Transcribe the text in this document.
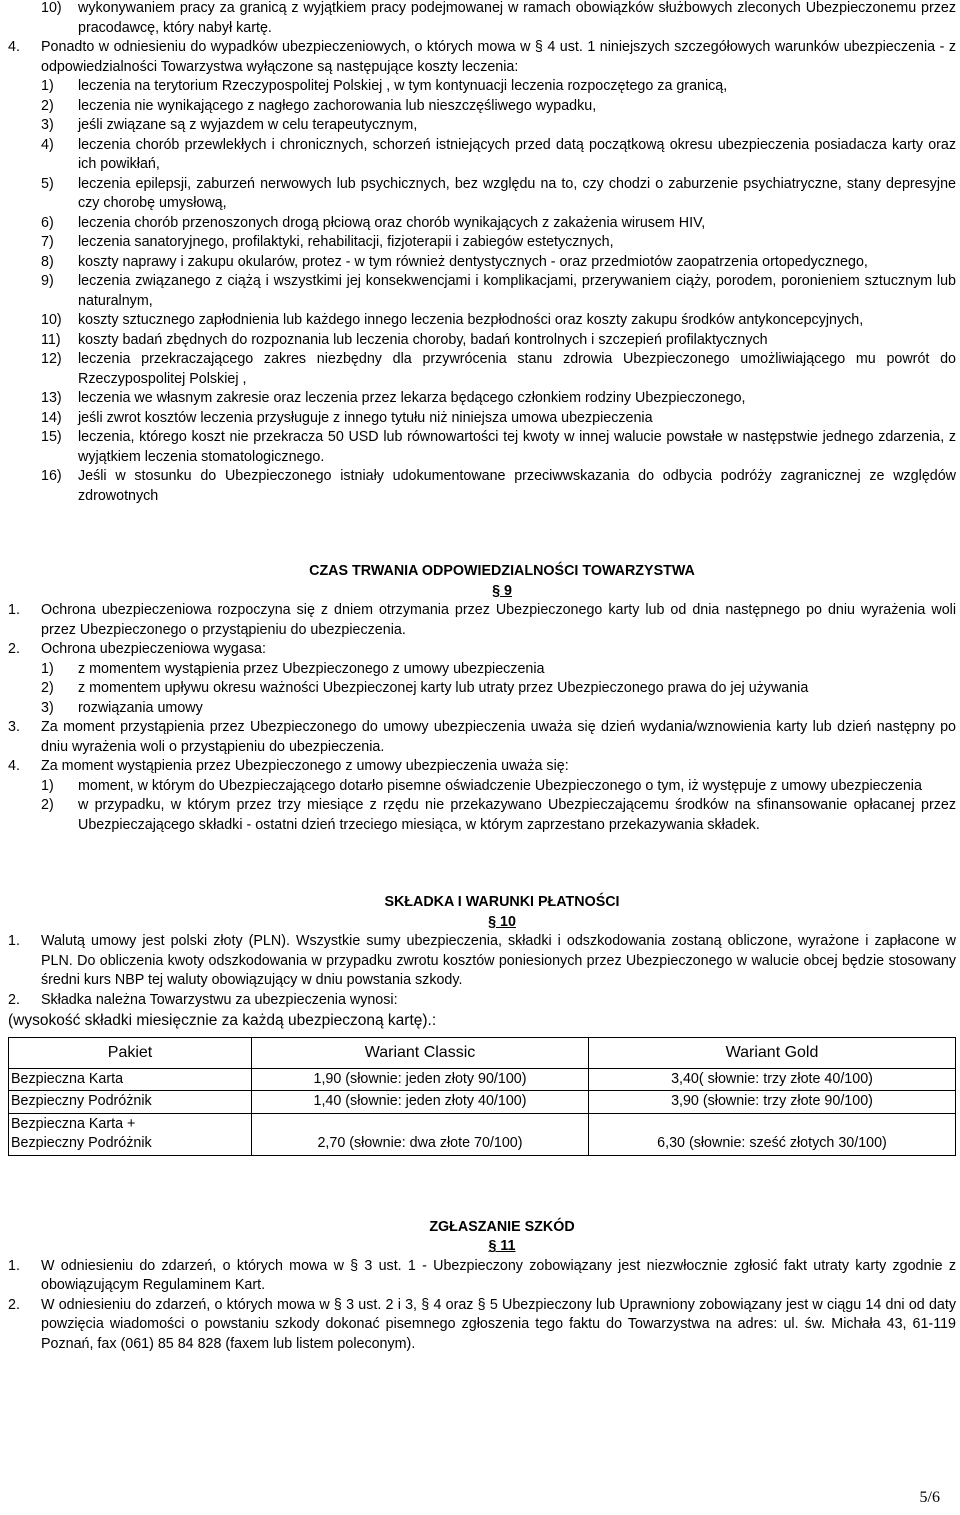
10) wykonywaniem pracy za granicą z wyjątkiem pracy podejmowanej w ramach obowiązków służbowych zleconych Ubezpieczonemu przez pracodawcę, który nabył kartę.
4. Ponadto w odniesieniu do wypadków ubezpieczeniowych, o których mowa w § 4 ust. 1 niniejszych szczegółowych warunków ubezpieczenia - z odpowiedzialności Towarzystwa wyłączone są następujące koszty leczenia:
1) leczenia na terytorium Rzeczypospolitej Polskiej , w tym kontynuacji leczenia rozpoczętego za granicą,
2) leczenia nie wynikającego z nagłego zachorowania lub nieszczęśliwego wypadku,
3) jeśli związane są z wyjazdem w celu terapeutycznym,
4) leczenia chorób przewlekłych i chronicznych, schorzeń istniejących przed datą początkową okresu ubezpieczenia posiadacza karty oraz ich powikłań,
5) leczenia epilepsji, zaburzeń nerwowych lub psychicznych, bez względu na to, czy chodzi o zaburzenie psychiatryczne, stany depresyjne czy chorobę umysłową,
6) leczenia chorób przenoszonych drogą płciową oraz chorób wynikających z zakażenia wirusem HIV,
7) leczenia sanatoryjnego, profilaktyki, rehabilitacji, fizjoterapii i zabiegów estetycznych,
8) koszty naprawy i zakupu okularów, protez - w tym również dentystycznych - oraz przedmiotów zaopatrzenia ortopedycznego,
9) leczenia związanego z ciążą i wszystkimi jej konsekwencjami i komplikacjami, przerywaniem ciąży, porodem, poronieniem sztucznym lub naturalnym,
10) koszty sztucznego zapłodnienia lub każdego innego leczenia bezpłodności oraz koszty zakupu środków antykoncepcyjnych,
11) koszty badań zbędnych do rozpoznania lub leczenia choroby, badań kontrolnych i szczepień profilaktycznych
12) leczenia przekraczającego zakres niezbędny dla przywrócenia stanu zdrowia Ubezpieczonego umożliwiającego mu powrót do Rzeczypospolitej Polskiej ,
13) leczenia we własnym zakresie oraz leczenia przez lekarza będącego członkiem rodziny Ubezpieczonego,
14) jeśli zwrot kosztów leczenia przysługuje z innego tytułu niż niniejsza umowa ubezpieczenia
15) leczenia, którego koszt nie przekracza 50 USD lub równowartości tej kwoty w innej walucie powstałe w następstwie jednego zdarzenia, z wyjątkiem leczenia stomatologicznego.
16) Jeśli w stosunku do Ubezpieczonego istniały udokumentowane przeciwwskazania do odbycia podróży zagranicznej ze względów zdrowotnych
CZAS TRWANIA ODPOWIEDZIALNOŚCI TOWARZYSTWA
§ 9
1. Ochrona ubezpieczeniowa rozpoczyna się z dniem otrzymania przez Ubezpieczonego karty lub od dnia następnego po dniu wyrażenia woli przez Ubezpieczonego o przystąpieniu do ubezpieczenia.
2. Ochrona ubezpieczeniowa wygasa:
1) z momentem wystąpienia przez Ubezpieczonego z umowy ubezpieczenia
2) z momentem upływu okresu ważności Ubezpieczonej karty lub utraty przez Ubezpieczonego prawa do jej używania
3) rozwiązania umowy
3. Za moment przystąpienia przez Ubezpieczonego do umowy ubezpieczenia uważa się dzień wydania/wznowienia karty lub dzień następny po dniu wyrażenia woli o przystąpieniu do ubezpieczenia.
4. Za moment wystąpienia przez Ubezpieczonego z umowy ubezpieczenia uważa się:
1) moment, w którym do Ubezpieczającego dotarło pisemne oświadczenie Ubezpieczonego o tym, iż występuje z umowy ubezpieczenia
2) w przypadku, w którym przez trzy miesiące z rzędu nie przekazywano Ubezpieczającemu środków na sfinansowanie opłacanej przez Ubezpieczającego składki - ostatni dzień trzeciego miesiąca, w którym zaprzestano przekazywania składek.
SKŁADKA I WARUNKI PŁATNOŚCI
§ 10
1. Walutą umowy jest polski złoty (PLN). Wszystkie sumy ubezpieczenia, składki i odszkodowania zostaną obliczone, wyrażone i zapłacone w PLN. Do obliczenia kwoty odszkodowania w przypadku zwrotu kosztów poniesionych przez Ubezpieczonego w walucie obcej będzie stosowany średni kurs NBP tej waluty obowiązujący w dniu powstania szkody.
2. Składka należna Towarzystwu za ubezpieczenia wynosi:
(wysokość składki miesięcznie za każdą ubezpieczoną kartę).:
Pakiet	Wariant Classic	Wariant Gold
Bezpieczna Karta	1,90 (słownie: jeden złoty 90/100)	3,40( słownie: trzy złote 40/100)
Bezpieczny Podróżnik	1,40 (słownie: jeden złoty 40/100)	3,90 (słownie: trzy złote 90/100)
Bezpieczna Karta +
Bezpieczny Podróżnik	2,70 (słownie: dwa złote 70/100)	6,30 (słownie: sześć złotych 30/100)
ZGŁASZANIE SZKÓD
§ 11
1. W odniesieniu do zdarzeń, o których mowa w § 3 ust. 1 - Ubezpieczony zobowiązany jest niezwłocznie zgłosić fakt utraty karty zgodnie z obowiązującym Regulaminem Kart.
2. W odniesieniu do zdarzeń, o których mowa w § 3 ust. 2 i 3, § 4 oraz § 5 Ubezpieczony lub Uprawniony zobowiązany jest w ciągu 14 dni od daty powzięcia wiadomości o powstaniu szkody dokonać pisemnego zgłoszenia tego faktu do Towarzystwa na adres: ul. św. Michała 43, 61-119 Poznań, fax (061) 85 84 828 (faxem lub listem poleconym).
5/6
